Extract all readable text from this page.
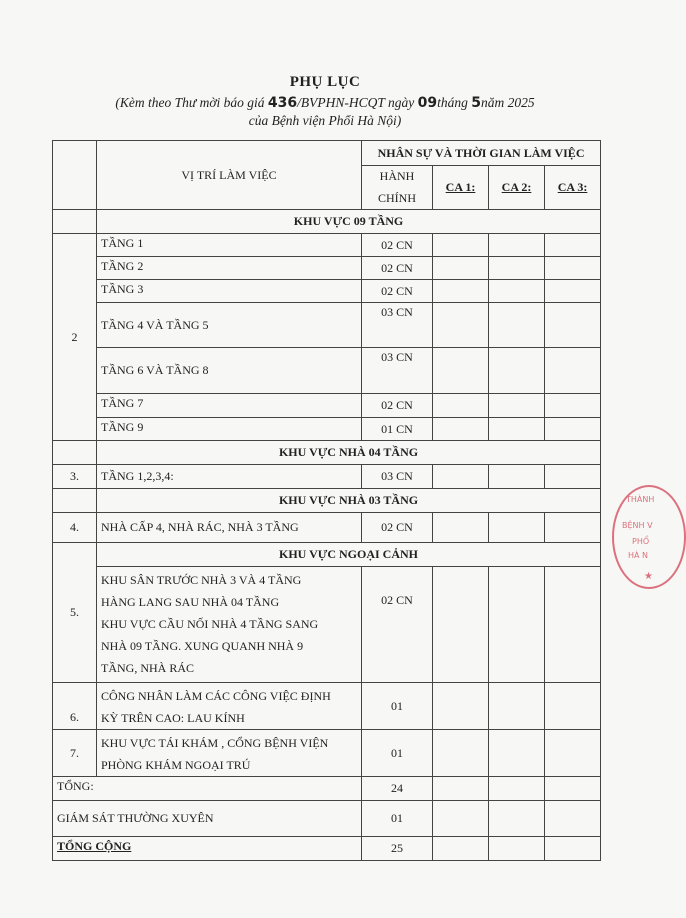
PHỤ LỤC
(Kèm theo Thư mời báo giá 436/BVPHN-HCQT ngày 09tháng 5năm 2025
của Bệnh viện Phổi Hà Nội)
	VỊ TRÍ LÀM VIỆC	NHÂN SỰ VÀ THỜI GIAN LÀM VIỆC			
		HÀNH	CA 1:	CA 2:	CA 3:
		CHÍNH			
	KHU VỰC 09 TẦNG				
2	TẦNG 1	02 CN			
	TẦNG 2	02 CN			
	TẦNG 3	02 CN			
	TẦNG 4 VÀ TẦNG 5	03 CN			
	TẦNG 6 VÀ TẦNG 8	03 CN			
	TẦNG 7	02 CN			
	TẦNG 9	01 CN			
	KHU VỰC NHÀ 04 TẦNG				
3.	TẦNG 1,2,3,4:	03 CN			
	KHU VỰC NHÀ 03 TẦNG				
4.	NHÀ CẤP 4, NHÀ RÁC, NHÀ 3 TẦNG	02 CN			
5.	KHU VỰC NGOẠI CẢNH				

	KHU SÂN TRƯỚC NHÀ 3 VÀ 4 TẦNG
HÀNG LANG SAU NHÀ 04 TẦNG
KHU VỰC CẦU NỐI NHÀ 4 TẦNG SANG
NHÀ 09 TẦNG. XUNG QUANH NHÀ 9
TẦNG, NHÀ RÁC	02 CN			
6.	CÔNG NHÂN LÀM CÁC CÔNG VIỆC ĐỊNH
KỲ TRÊN CAO: LAU KÍNH	01			
7.	KHU VỰC TÁI KHÁM , CỔNG BỆNH VIỆN
PHÒNG KHÁM NGOẠI TRÚ	01			
TỔNG:		24			
GIÁM SÁT THƯỜNG XUYÊN		01			
TỔNG CỘNG		25			
THÀNH
BỆNH V
PHỔ
HÀ N
★
